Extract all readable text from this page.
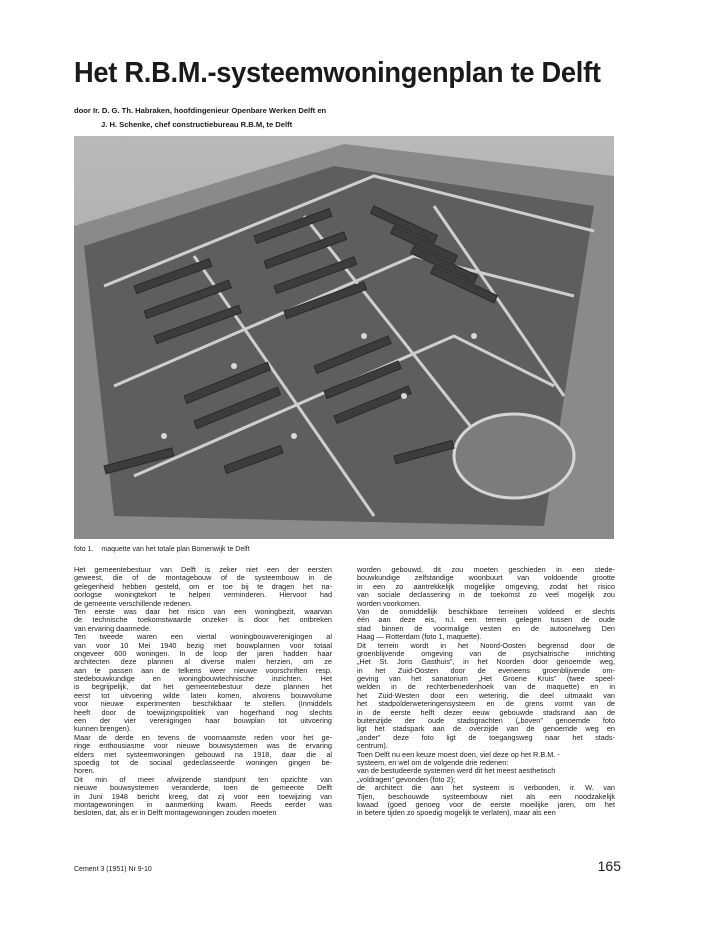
Het R.B.M.-systeemwoningenplan te Delft
door Ir. D. G. Th. Habraken, hoofdingenieur Openbare Werken Delft en
J. H. Schenke, chef constructiebureau R.B.M, te Delft
foto 1. maquette van het totale plan Bomenwijk te Delft
Het gemeentebestuur van Delft is zeker niet een der eersten
geweest, die of de montagebouw of de systeembouw in de
gelegenheid hebben gesteld, om er toe bij te dragen het na-
oorlogse woningtekort te helpen verminderen. Hiervoor had
de gemeente verschillende redenen.
Ten eerste was daar het risico van een woningbezit, waarvan
de technische toekomstwaarde onzeker is door het ontbreken
van ervaring daarmede.
Ten tweede waren een viertal woningbouwverenigingen al
van voor 10 Mei 1940 bezig met bouwplannen voor totaal
ongeveer 600 woningen. In de loop der jaren hadden haar
architecten deze plannen al diverse malen herzien, om ze
aan te passen aan de telkens weer nieuwe voorschriften resp.
stedebouwkundige en woningbouwtechnische inzichten. Het
is begrijpelijk, dat het gemeentebestuur deze plannen het
eerst tot uitvoering wilde laten komen, alvorens bouwvolume
voor nieuwe experimenten beschikbaar te stellen. (Inmiddels
heeft door de toewijzingspolitiek van hogerhand nog slechts
een der vier verenigingen haar bouwplan tot uitvoering
kunnen brengen).
Maar de derde en tevens de voornaamste reden voor het ge-
ringe enthousiasme voor nieuwe bouwsystemen was de ervaring
elders met systeemwoningen gebouwd na 1918, daar die al
spoedig tot de sociaal gedeclasseerde woningen gingen be-
horen.
Dit min of meer afwijzende standpunt ten opzichte van
nieuwe bouwsystemen veranderde, toen de gemeente Delft
in Juni 1948 bericht kreeg, dat zij voor een toewijzing van
montagewoningen in aanmerking kwam. Reeds eerder was
besloten, dat, als er in Delft montagewoningen zouden moeten
worden gebouwd, dit zou moeten geschieden in een stede-
bouwkundige zelfstandige woonbuurt van voldoende grootte
in een zo aantrekkelijk mogelijke omgeving, zodat het risico
van sociale declassering in de toekomst zo veel mogelijk zou
worden voorkomen.
Van de onmiddellijk beschikbare terreinen voldeed er slechts
één aan deze eis, n.l. een terrein gelegen tussen de oude
stad binnen de voormalige vesten en de autosnelweg Den
Haag — Rotterdam (foto 1, maquette).
Dit terrein wordt in het Noord-Oosten begrensd door de
groenblijvende omgeving van de psychiatrische inrichting
„Het St. Joris Gasthuis”, in het Noorden door genoemde weg,
in het Zuid-Oosten door de eveneens groenblijvende om-
geving van het sanatorium „Het Groene Kruis” (twee speel-
welden in de rechterbenedenhoek van de maquette) en in
het Zuid-Westen door een wetering, die deel uitmaakt van
het stadpolderweteringensysteem en de grens vormt van de
in de eerste helft dezer eeuw gebouwde stadsrand aan de
buitenzijde der oude stadsgrachten („boven” genoemde foto
ligt het stadspark aan de overzijde van de genoemde weg en
„onder” deze foto ligt de toegangsweg naar het stads-
centrum).
Toen Delft nu een keuze moest doen, viel deze op het R.B.M. -
systeem, en wel om de volgende drie redenen:
van de bestudeerde systemen werd dit het meest aesthetisch
„voldragen” gevonden (foto 2);
de architect die aan het systeem is verbonden, ir. W. van
Tijen, beschouwde systeembouw niet als een noodzakelijk
kwaad (goed genoeg voor de eerste moeilijke jaren, om het
in betere tijden zo spoedig mogelijk te verlaten), maar als een
Cement 3 (1951) Nr 9-10	165
